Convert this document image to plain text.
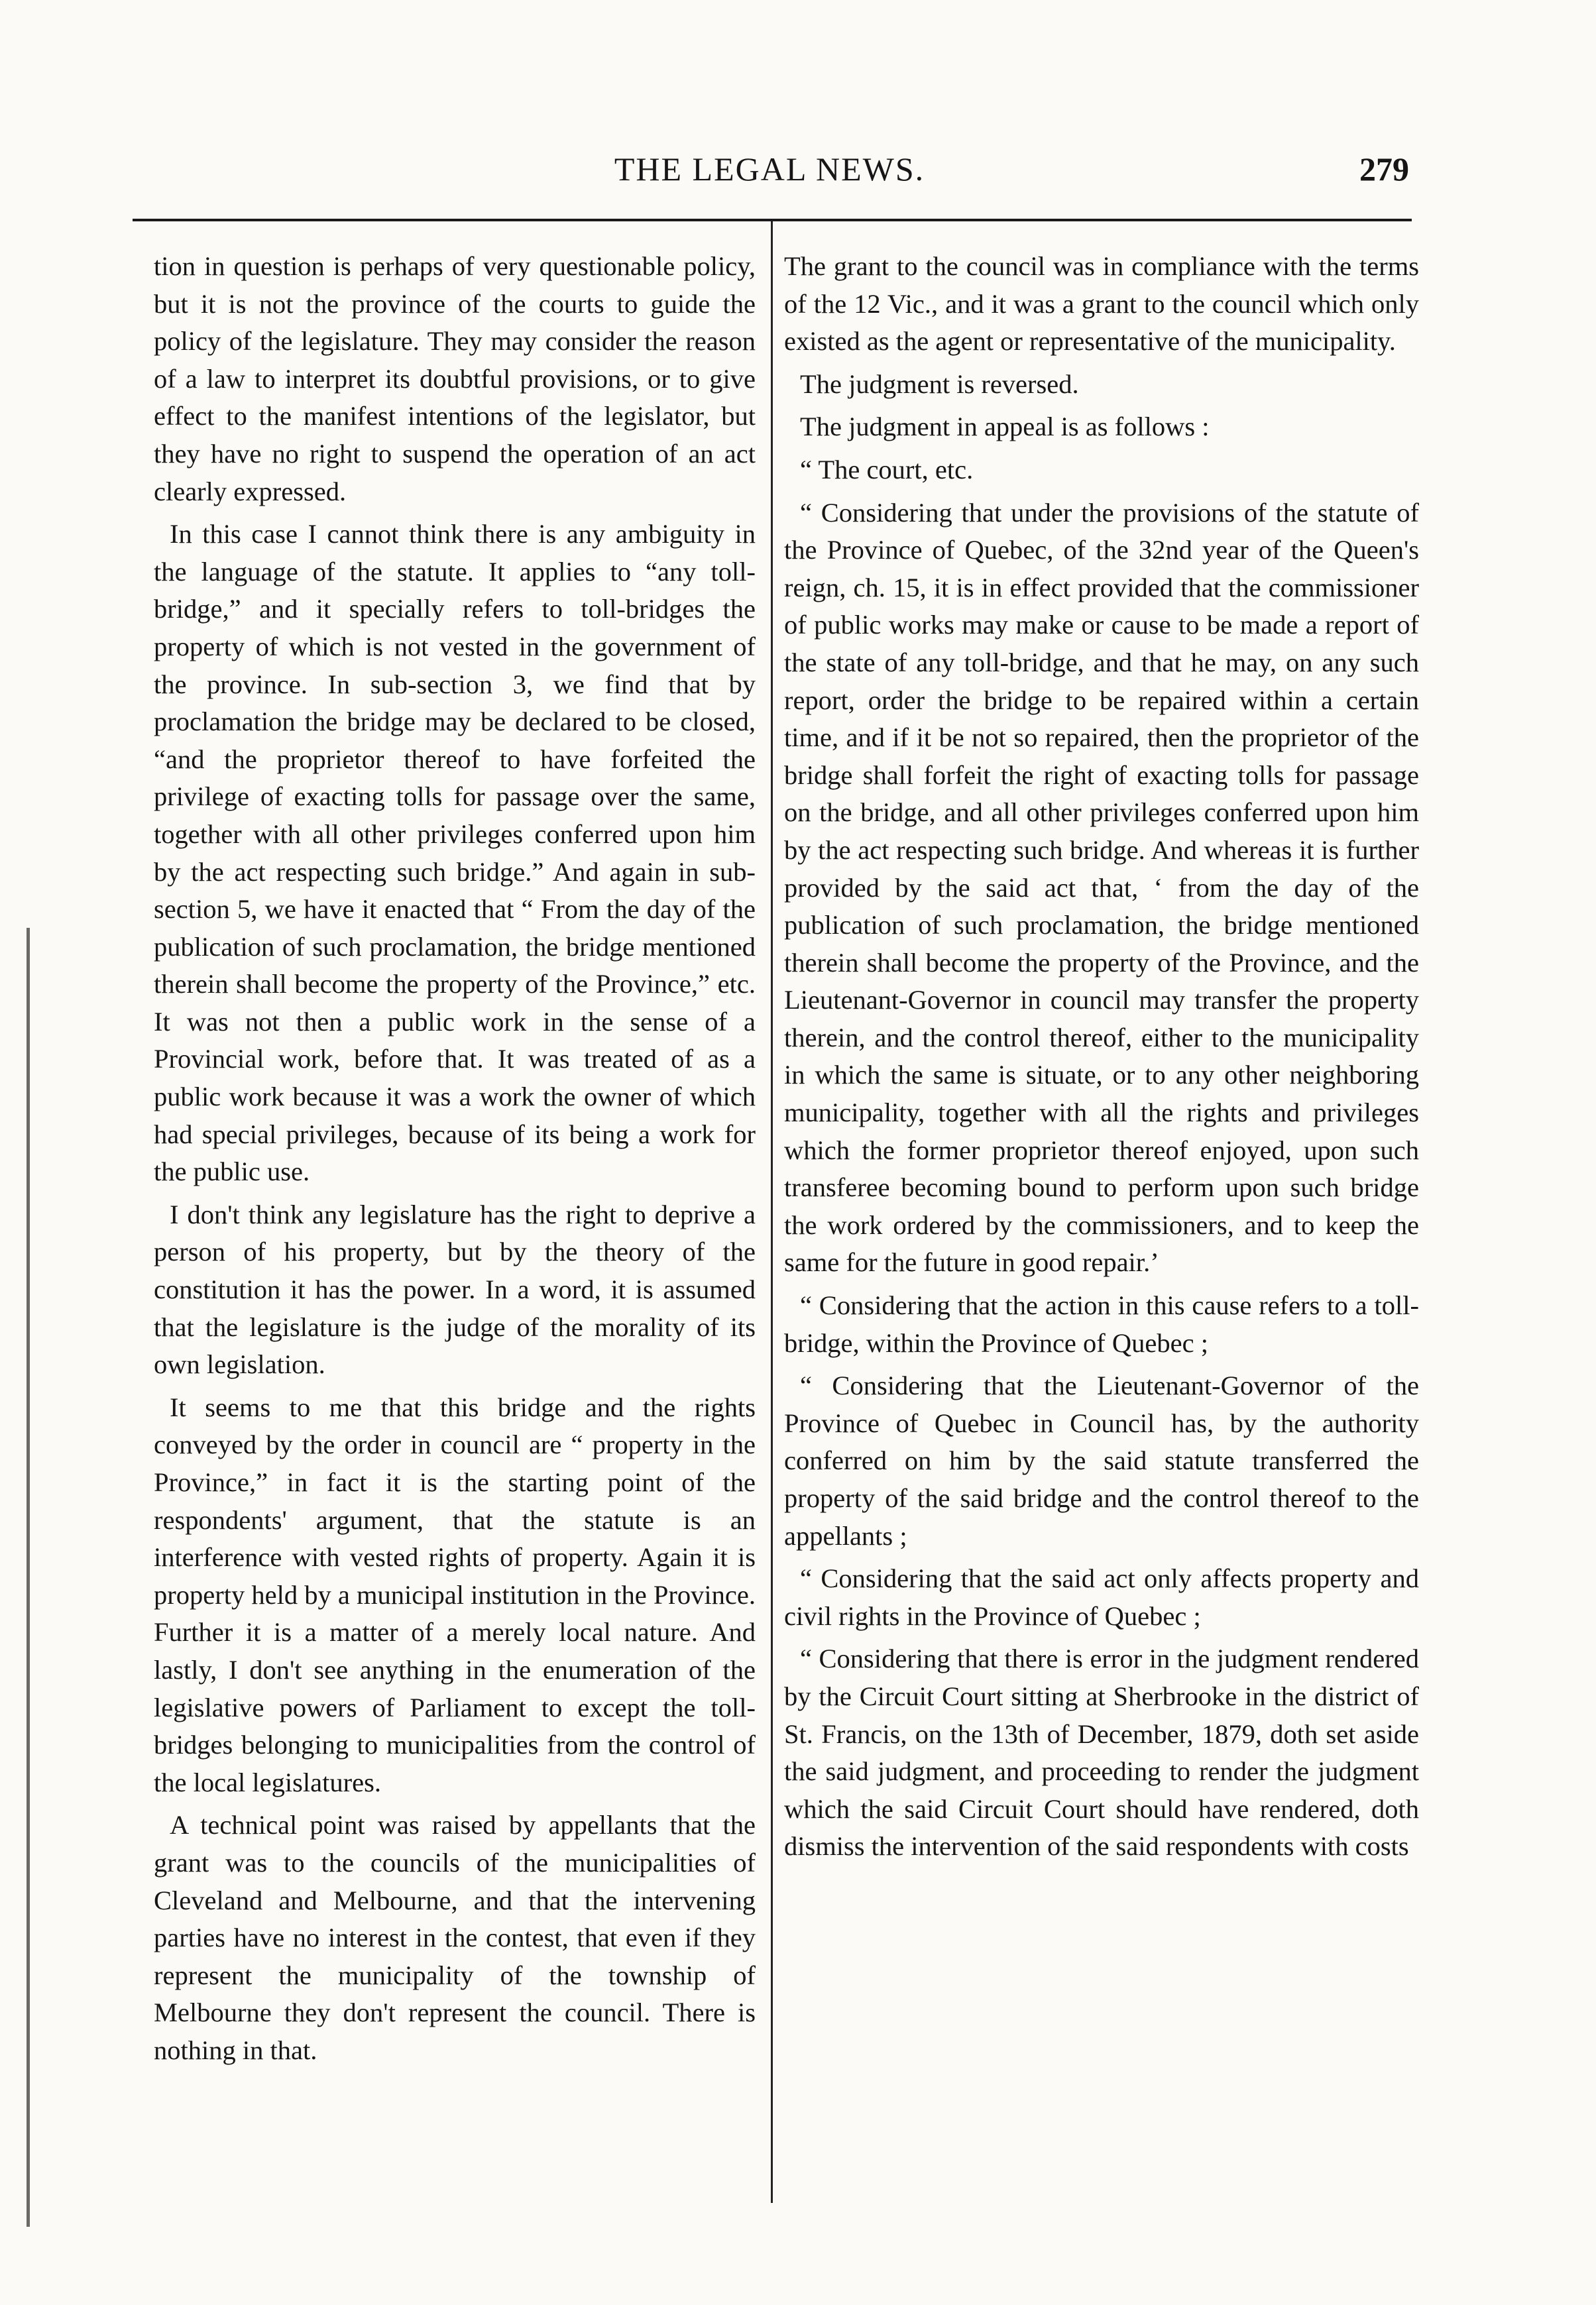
THE LEGAL NEWS.	279

tion in question is perhaps of very questionable policy, but it is not the province of the courts to guide the policy of the legislature. They may consider the reason of a law to interpret its doubtful provisions, or to give effect to the manifest intentions of the legislator, but they have no right to suspend the operation of an act clearly expressed.

In this case I cannot think there is any ambiguity in the language of the statute. It applies to “any toll-bridge,” and it specially refers to toll-bridges the property of which is not vested in the government of the province. In sub-section 3, we find that by proclamation the bridge may be declared to be closed, “and the proprietor thereof to have forfeited the privilege of exacting tolls for passage over the same, together with all other privileges conferred upon him by the act respecting such bridge.” And again in sub-section 5, we have it enacted that “ From the day of the publication of such proclamation, the bridge mentioned therein shall become the property of the Province,” etc. It was not then a public work in the sense of a Provincial work, before that. It was treated of as a public work because it was a work the owner of which had special privileges, because of its being a work for the public use.

I don't think any legislature has the right to deprive a person of his property, but by the theory of the constitution it has the power. In a word, it is assumed that the legislature is the judge of the morality of its own legislation.

It seems to me that this bridge and the rights conveyed by the order in council are “ property in the Province,” in fact it is the starting point of the respondents' argument, that the statute is an interference with vested rights of property. Again it is property held by a municipal institution in the Province. Further it is a matter of a merely local nature. And lastly, I don't see anything in the enumeration of the legislative powers of Parliament to except the toll-bridges belonging to municipalities from the control of the local legislatures.

A technical point was raised by appellants that the grant was to the councils of the municipalities of Cleveland and Melbourne, and that the intervening parties have no interest in the contest, that even if they represent the municipality of the township of Melbourne they don't represent the council. There is nothing in that.

The grant to the council was in compliance with the terms of the 12 Vic., and it was a grant to the council which only existed as the agent or representative of the municipality.

The judgment is reversed.

The judgment in appeal is as follows :

“ The court, etc.

“ Considering that under the provisions of the statute of the Province of Quebec, of the 32nd year of the Queen's reign, ch. 15, it is in effect provided that the commissioner of public works may make or cause to be made a report of the state of any toll-bridge, and that he may, on any such report, order the bridge to be repaired within a certain time, and if it be not so repaired, then the proprietor of the bridge shall forfeit the right of exacting tolls for passage on the bridge, and all other privileges conferred upon him by the act respecting such bridge. And whereas it is further provided by the said act that, ‘ from the day of the publication of such proclamation, the bridge mentioned therein shall become the property of the Province, and the Lieutenant-Governor in council may transfer the property therein, and the control thereof, either to the municipality in which the same is situate, or to any other neighboring municipality, together with all the rights and privileges which the former proprietor thereof enjoyed, upon such transferee becoming bound to perform upon such bridge the work ordered by the commissioners, and to keep the same for the future in good repair.’

“ Considering that the action in this cause refers to a toll-bridge, within the Province of Quebec ;

“ Considering that the Lieutenant-Governor of the Province of Quebec in Council has, by the authority conferred on him by the said statute transferred the property of the said bridge and the control thereof to the appellants ;

“ Considering that the said act only affects property and civil rights in the Province of Quebec ;

“ Considering that there is error in the judgment rendered by the Circuit Court sitting at Sherbrooke in the district of St. Francis, on the 13th of December, 1879, doth set aside the said judgment, and proceeding to render the judgment which the said Circuit Court should have rendered, doth dismiss the intervention of the said respondents with costs
